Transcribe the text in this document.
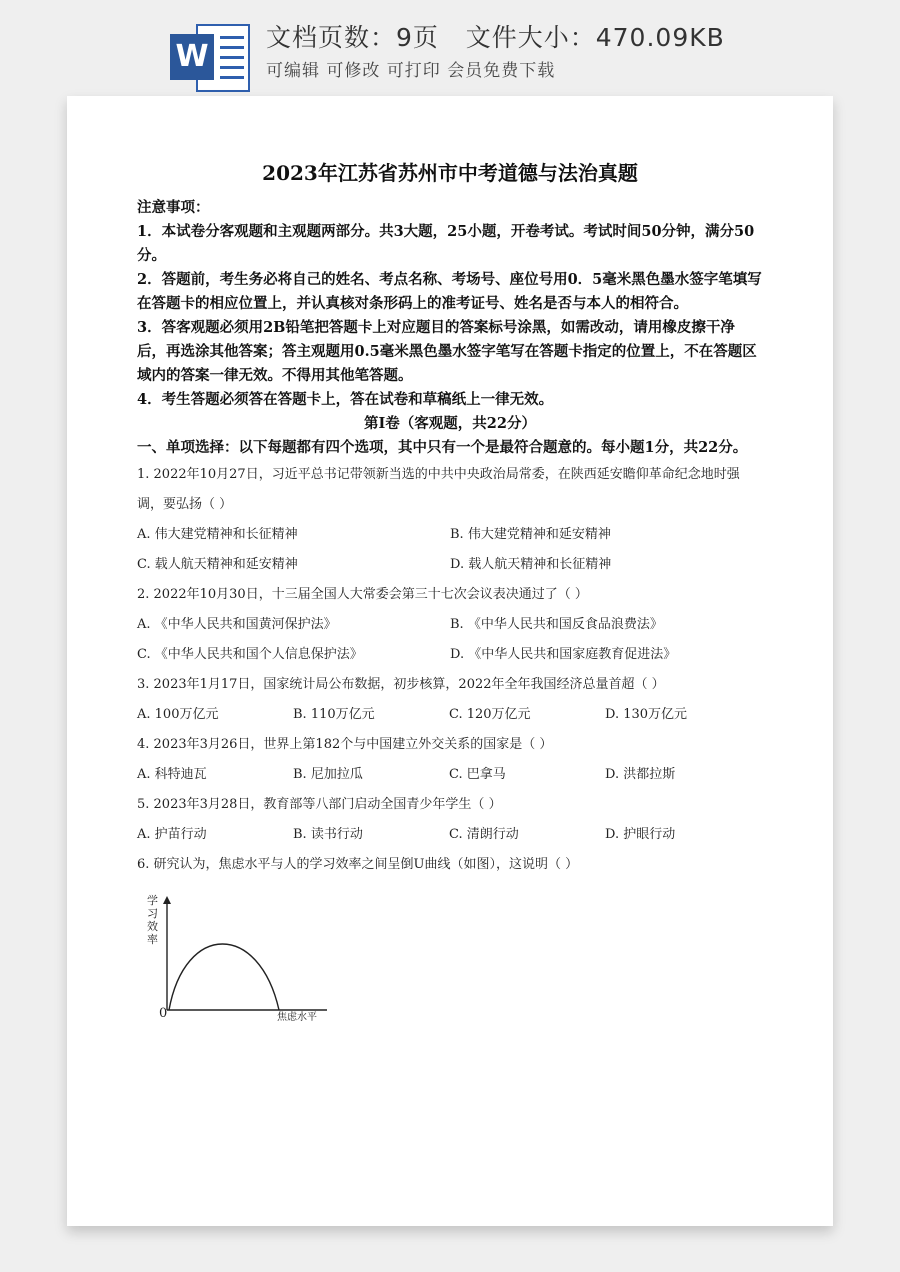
W
文档页数：9页   文件大小：470.09KB
可编辑 可修改 可打印 会员免费下载
2023年江苏省苏州市中考道德与法治真题

注意事项：

1．本试卷分客观题和主观题两部分。共3大题，25小题，开卷考试。考试时间50分钟，满分50分。

2．答题前，考生务必将自己的姓名、考点名称、考场号、座位号用0．5毫米黑色墨水签字笔填写在答题卡的相应位置上，并认真核对条形码上的准考证号、姓名是否与本人的相符合。

3．答客观题必须用2B铅笔把答题卡上对应题目的答案标号涂黑，如需改动，请用橡皮擦干净后，再选涂其他答案；答主观题用0.5毫米黑色墨水签字笔写在答题卡指定的位置上，不在答题区域内的答案一律无效。不得用其他笔答题。

4．考生答题必须答在答题卡上，答在试卷和草稿纸上一律无效。

第I卷（客观题，共22分）

一、单项选择：以下每题都有四个选项，其中只有一个是最符合题意的。每小题1分，共22分。

1. 2022年10月27日，习近平总书记带领新当选的中共中央政治局常委，在陕西延安瞻仰革命纪念地时强调，要弘扬（ ）

A. 伟大建党精神和长征精神	B. 伟大建党精神和延安精神
C. 载人航天精神和延安精神	D. 载人航天精神和长征精神

2. 2022年10月30日，十三届全国人大常委会第三十七次会议表决通过了（ ）

A. 《中华人民共和国黄河保护法》	B. 《中华人民共和国反食品浪费法》
C. 《中华人民共和国个人信息保护法》	D. 《中华人民共和国家庭教育促进法》

3. 2023年1月17日，国家统计局公布数据，初步核算，2022年全年我国经济总量首超（ ）

A. 100万亿元	B. 110万亿元	C. 120万亿元	D. 130万亿元

4. 2023年3月26日，世界上第182个与中国建立外交关系的国家是（ ）

A. 科特迪瓦	B. 尼加拉瓜	C. 巴拿马	D. 洪都拉斯

5. 2023年3月28日，教育部等八部门启动全国青少年学生（ ）

A. 护苗行动	B. 读书行动	C. 清朗行动	D. 护眼行动

6. 研究认为，焦虑水平与人的学习效率之间呈倒U曲线（如图），这说明（ ）

学习效率
0	焦虑水平
